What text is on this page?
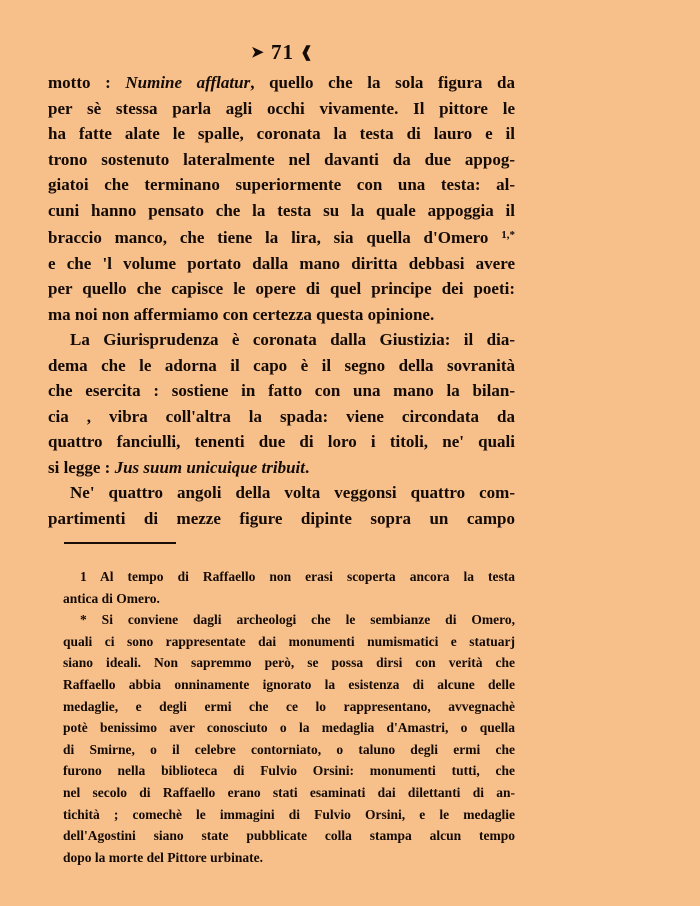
➤ 71 ❰
motto : Numine afflatur, quello che la sola figura da
per sè stessa parla agli occhi vivamente. Il pittore le
ha fatte alate le spalle, coronata la testa di lauro e il
trono sostenuto lateralmente nel davanti da due appog-
giatoi che terminano superiormente con una testa: al-
cuni hanno pensato che la testa su la quale appoggia il
braccio manco, che tiene la lira, sia quella d'Omero $^{1,*}$
e che 'l volume portato dalla mano diritta debbasi avere
per quello che capisce le opere di quel principe dei poeti:
ma noi non affermiamo con certezza questa opinione.
La Giurisprudenza è coronata dalla Giustizia: il dia-
dema che le adorna il capo è il segno della sovranità
che esercita : sostiene in fatto con una mano la bilan-
cia , vibra coll'altra la spada: viene circondata da
quattro fanciulli, tenenti due di loro i titoli, ne' quali
si legge : Jus suum unicuique tribuit.
Ne' quattro angoli della volta veggonsi quattro com-
partimenti di mezze figure dipinte sopra un campo
1 Al tempo di Raffaello non erasi scoperta ancora la testa
antica di Omero.
* Si conviene dagli archeologi che le sembianze di Omero,
quali ci sono rappresentate dai monumenti numismatici e statuarj
siano ideali. Non sapremmo però, se possa dirsi con verità che
Raffaello abbia onninamente ignorato la esistenza di alcune delle
medaglie, e degli ermi che ce lo rappresentano, avvegnachè
potè benissimo aver conosciuto o la medaglia d'Amastri, o quella
di Smirne, o il celebre contorniato, o taluno degli ermi che
furono nella biblioteca di Fulvio Orsini: monumenti tutti, che
nel secolo di Raffaello erano stati esaminati dai dilettanti di an-
tichità ; comechè le immagini di Fulvio Orsini, e le medaglie
dell'Agostini siano state pubblicate colla stampa alcun tempo
dopo la morte del Pittore urbinate.
